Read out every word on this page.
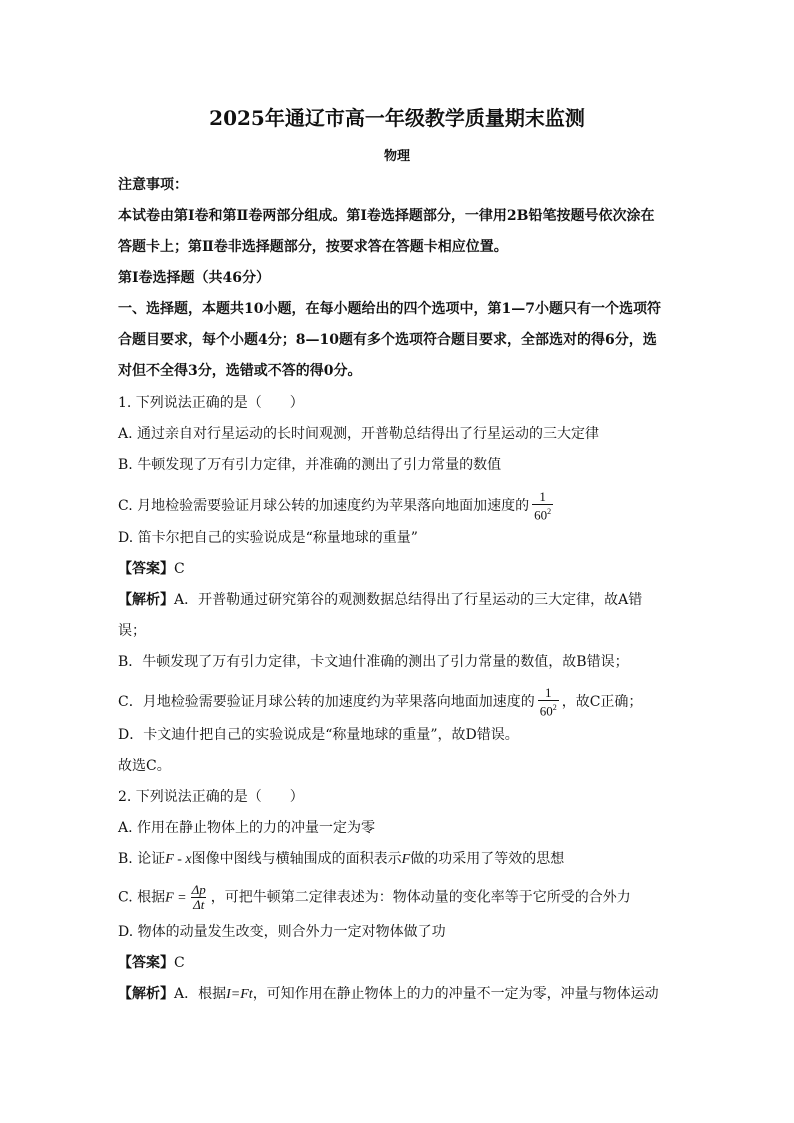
2025年通辽市高一年级教学质量期末监测
物理
注意事项：
本试卷由第Ⅰ卷和第Ⅱ卷两部分组成。第Ⅰ卷选择题部分，一律用2B铅笔按题号依次涂在
答题卡上；第Ⅱ卷非选择题部分，按要求答在答题卡相应位置。
第Ⅰ卷选择题（共46分）
一、选择题，本题共10小题，在每小题给出的四个选项中，第1—7小题只有一个选项符
合题目要求，每个小题4分；8—10题有多个选项符合题目要求，全部选对的得6分，选
对但不全得3分，选错或不答的得0分。
1. 下列说法正确的是（　　）
A. 通过亲自对行星运动的长时间观测，开普勒总结得出了行星运动的三大定律
B. 牛顿发现了万有引力定律，并准确的测出了引力常量的数值
C. 月地检验需要验证月球公转的加速度约为苹果落向地面加速度的 $\frac{1}{60^2}$
D. 笛卡尔把自己的实验说成是“称量地球的重量”
【答案】C
【解析】A．开普勒通过研究第谷的观测数据总结得出了行星运动的三大定律，故A错
误；
B．牛顿发现了万有引力定律，卡文迪什准确的测出了引力常量的数值，故B错误；
C．月地检验需要验证月球公转的加速度约为苹果落向地面加速度的 $\frac{1}{60^2}$ ，故C正确；
D．卡文迪什把自己的实验说成是“称量地球的重量”，故D错误。
故选C。
2. 下列说法正确的是（　　）
A. 作用在静止物体上的力的冲量一定为零
B. 论证F - x图像中图线与横轴围成的面积表示F做的功采用了等效的思想
C. 根据$F = \frac{\Delta p}{\Delta t}$ ，可把牛顿第二定律表述为：物体动量的变化率等于它所受的合外力
D. 物体的动量发生改变，则合外力一定对物体做了功
【答案】C
【解析】A．根据I=Ft，可知作用在静止物体上的力的冲量不一定为零，冲量与物体运动
